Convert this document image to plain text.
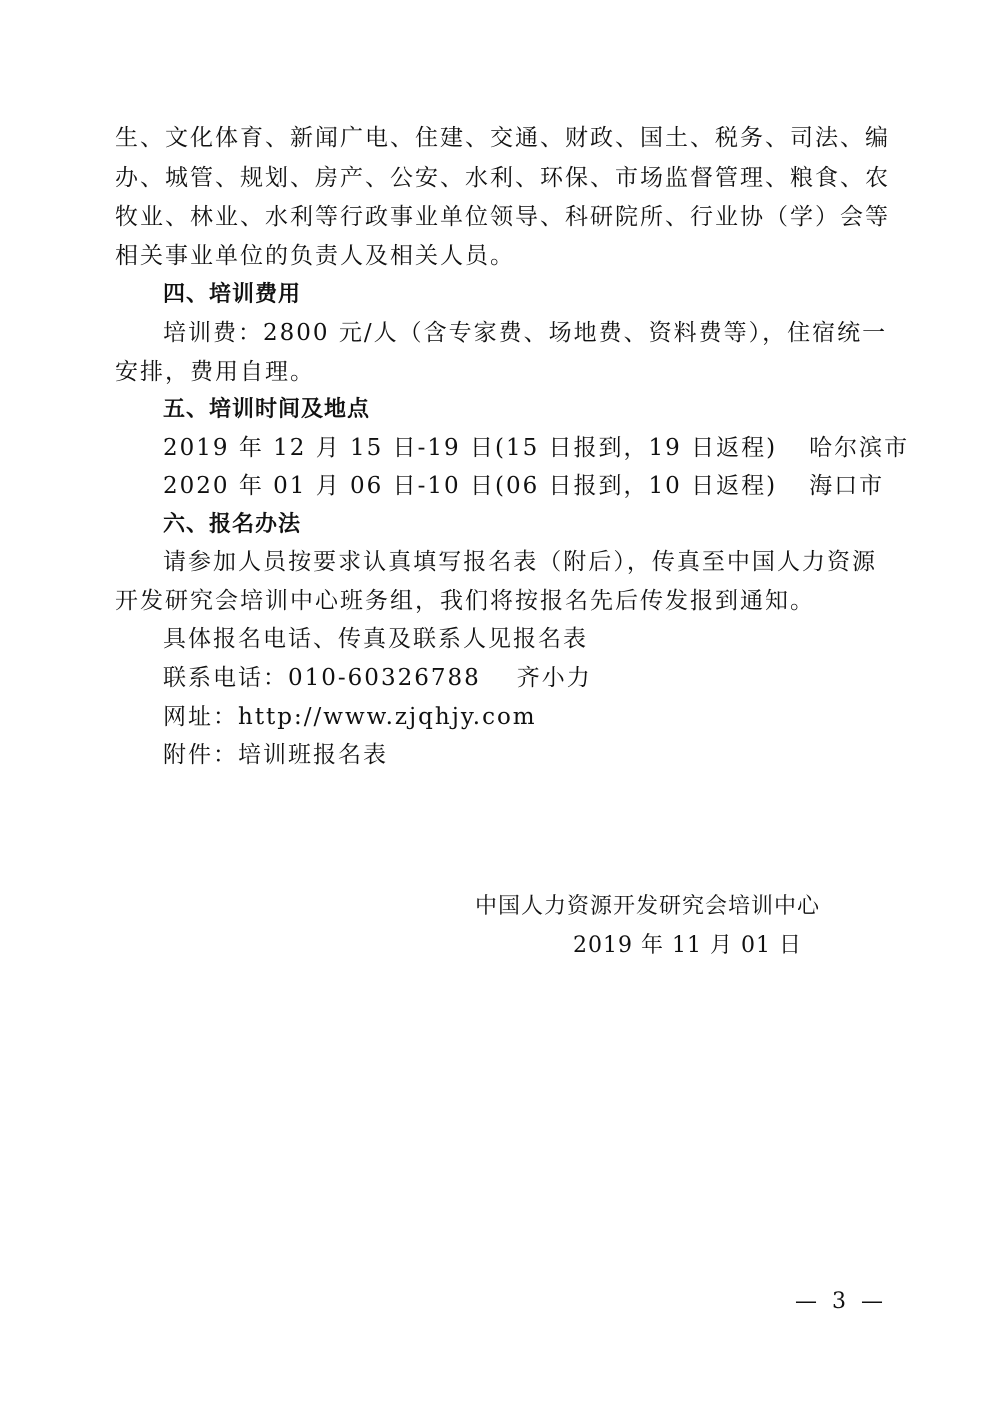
生、文化体育、新闻广电、住建、交通、财政、国土、税务、司法、编
办、城管、规划、房产、公安、水利、环保、市场监督管理、粮食、农
牧业、林业、水利等行政事业单位领导、科研院所、行业协（学）会等
相关事业单位的负责人及相关人员。
四、培训费用
培训费：2800 元/人（含专家费、场地费、资料费等），住宿统一
安排，费用自理。
五、培训时间及地点
2019 年 12 月 15 日-19 日(15 日报到，19 日返程) 哈尔滨市
2020 年 01 月 06 日-10 日(06 日报到，10 日返程) 海口市
六、报名办法
请参加人员按要求认真填写报名表（附后），传真至中国人力资源
开发研究会培训中心班务组，我们将按报名先后传发报到通知。
具体报名电话、传真及联系人见报名表
联系电话：010-60326788 齐小力
网址：http://www.zjqhjy.com
附件：培训班报名表
中国人力资源开发研究会培训中心
2019 年 11 月 01 日
— 3 —
